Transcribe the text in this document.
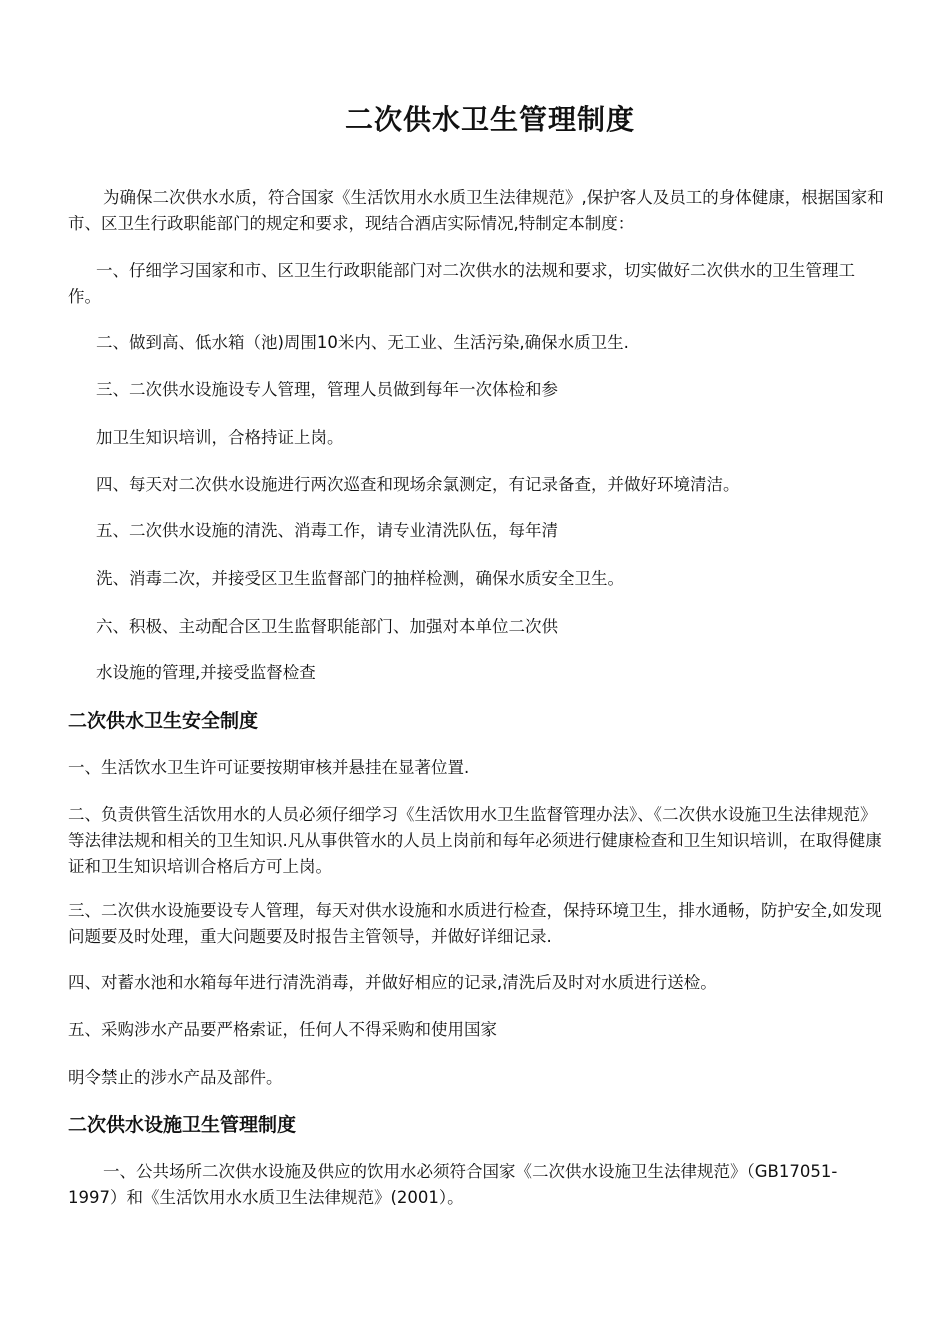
二次供水卫生管理制度

为确保二次供水水质，符合国家《生活饮用水水质卫生法律规范》,保护客人及员工的身体健康，根据国家和市、区卫生行政职能部门的规定和要求，现结合酒店实际情况,特制定本制度：

一、仔细学习国家和市、区卫生行政职能部门对二次供水的法规和要求，切实做好二次供水的卫生管理工作。

二、做到高、低水箱（池)周围10米内、无工业、生活污染,确保水质卫生.

三、二次供水设施设专人管理，管理人员做到每年一次体检和参

加卫生知识培训，合格持证上岗。

四、每天对二次供水设施进行两次巡查和现场余氯测定，有记录备查，并做好环境清洁。

五、二次供水设施的清洗、消毒工作，请专业清洗队伍，每年清

洗、消毒二次，并接受区卫生监督部门的抽样检测，确保水质安全卫生。

六、积极、主动配合区卫生监督职能部门、加强对本单位二次供

水设施的管理,并接受监督检查

二次供水卫生安全制度

一、生活饮水卫生许可证要按期审核并悬挂在显著位置.

二、负责供管生活饮用水的人员必须仔细学习《生活饮用水卫生监督管理办法》、《二次供水设施卫生法律规范》等法律法规和相关的卫生知识.凡从事供管水的人员上岗前和每年必须进行健康检查和卫生知识培训，在取得健康证和卫生知识培训合格后方可上岗。

三、二次供水设施要设专人管理，每天对供水设施和水质进行检查，保持环境卫生，排水通畅，防护安全,如发现问题要及时处理，重大问题要及时报告主管领导，并做好详细记录.

四、对蓄水池和水箱每年进行清洗消毒，并做好相应的记录,清洗后及时对水质进行送检。

五、采购涉水产品要严格索证，任何人不得采购和使用国家

明令禁止的涉水产品及部件。

二次供水设施卫生管理制度

一、公共场所二次供水设施及供应的饮用水必须符合国家《二次供水设施卫生法律规范》（GB17051-1997）和《生活饮用水水质卫生法律规范》(2001）。
